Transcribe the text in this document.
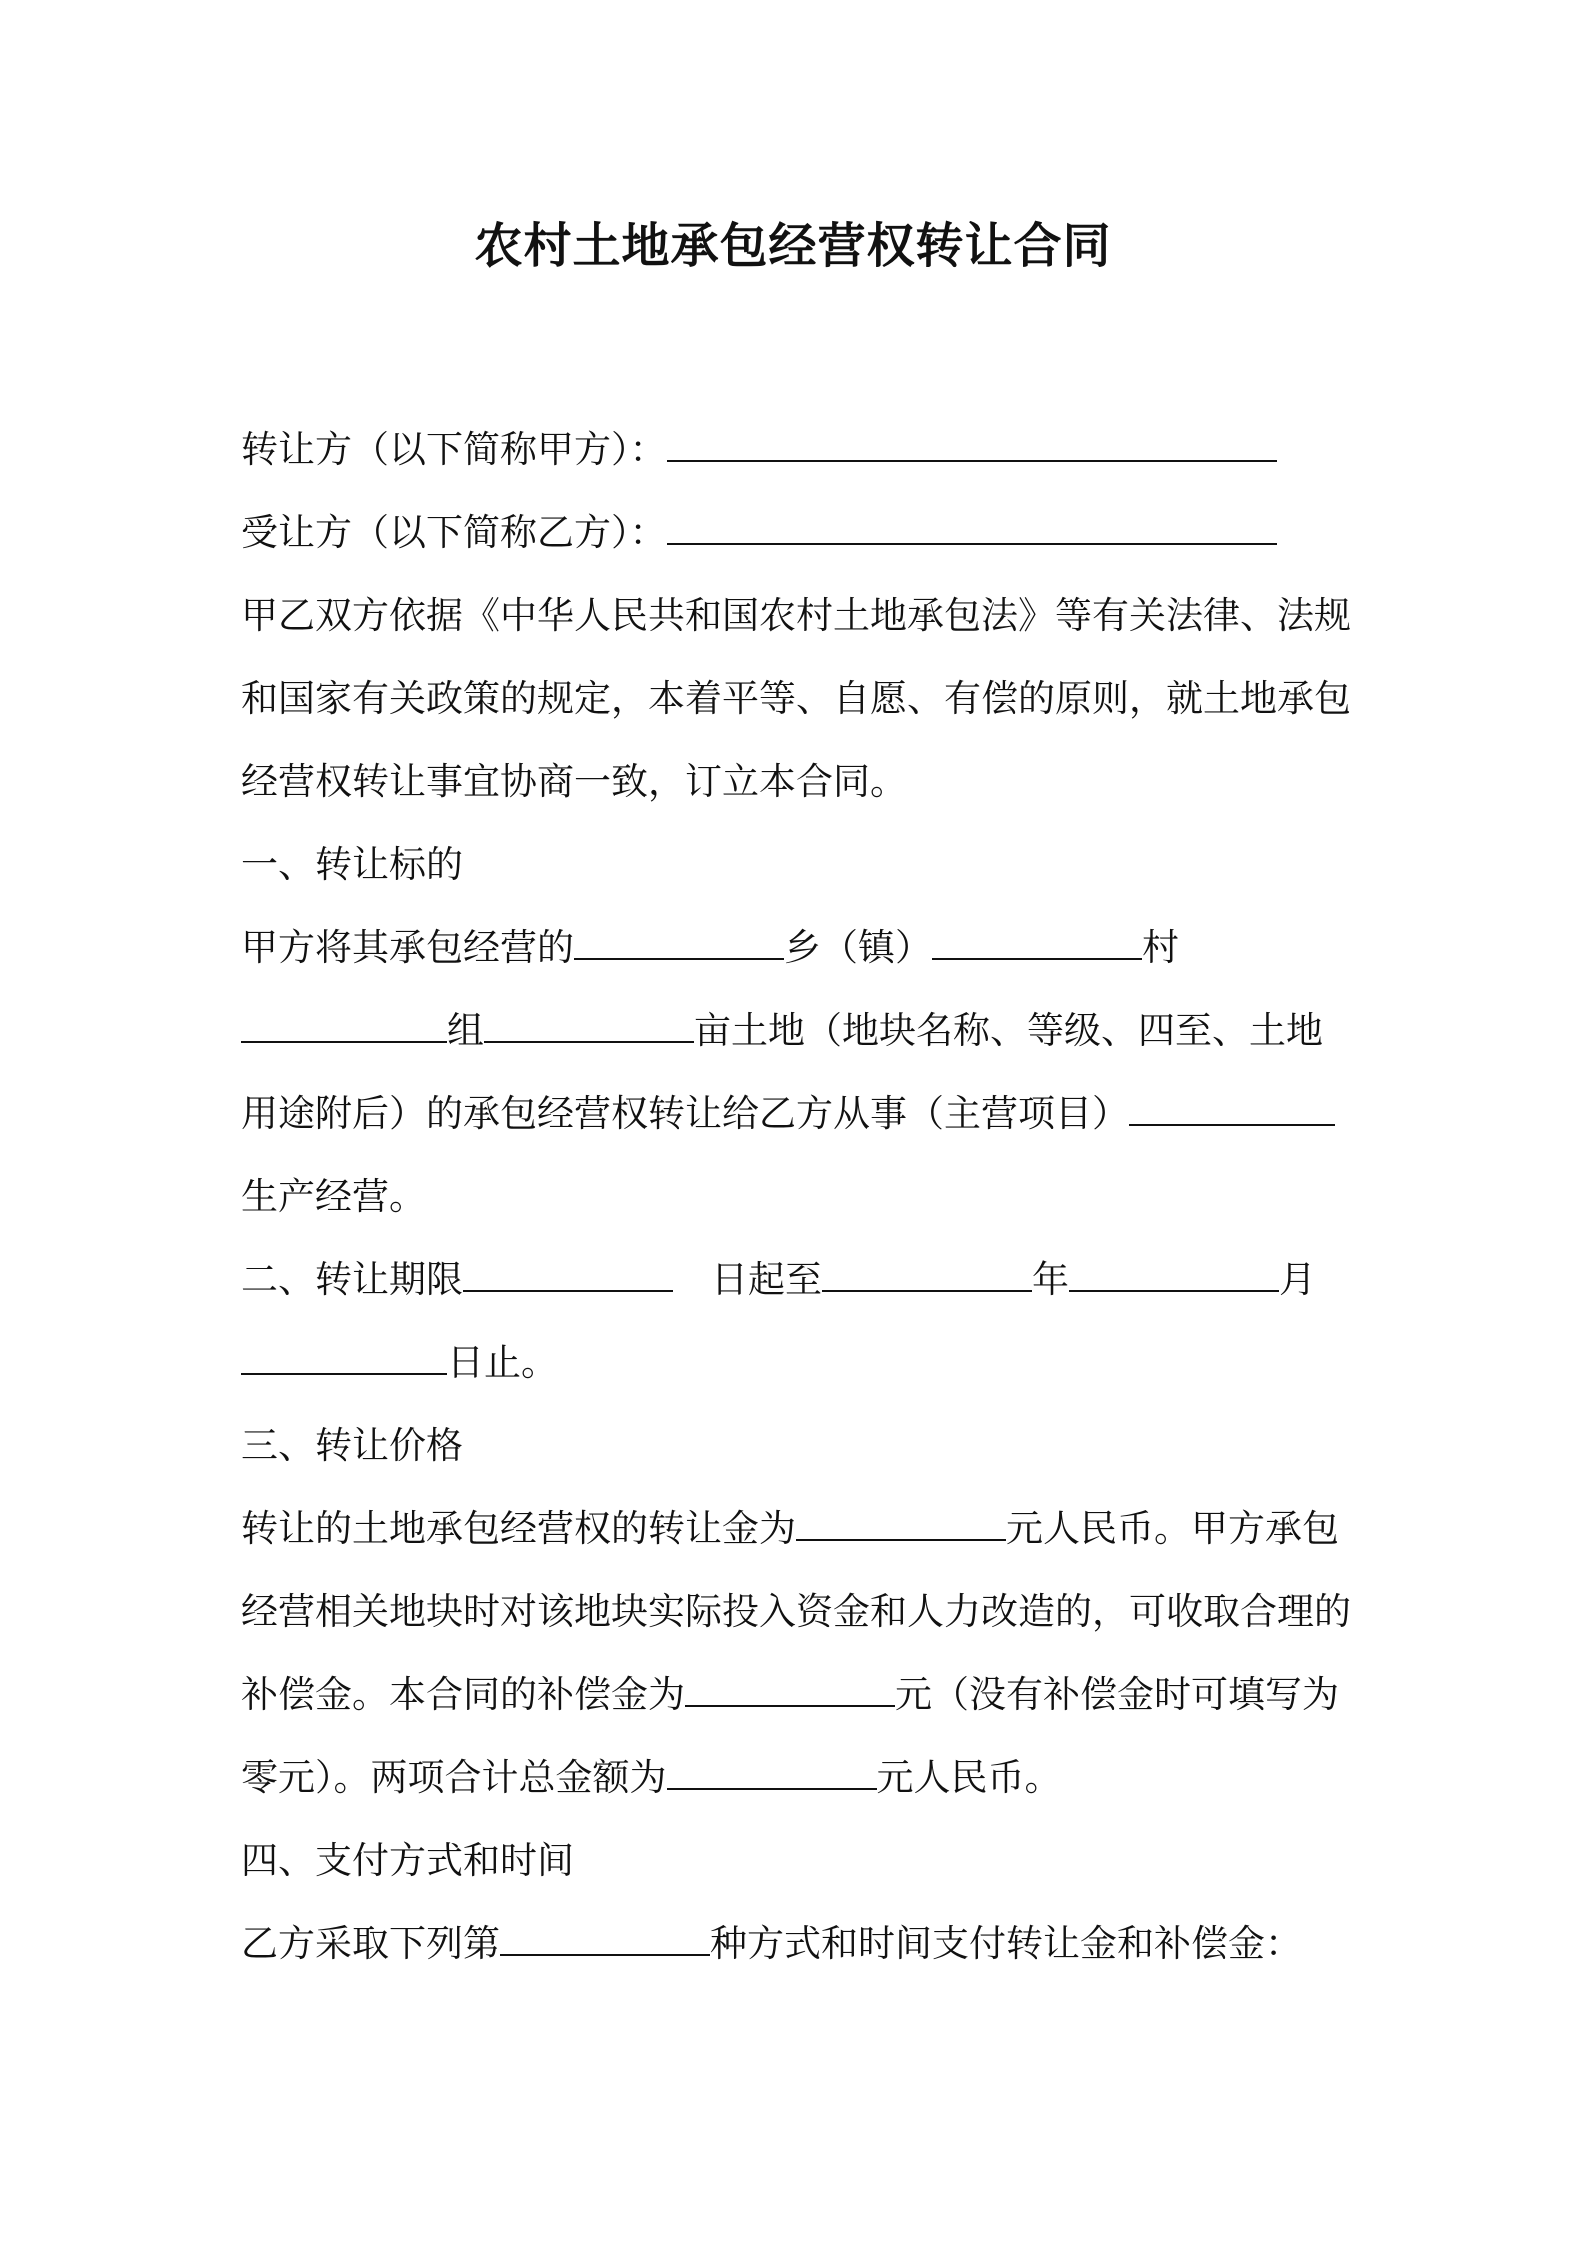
农村土地承包经营权转让合同
转让方（以下简称甲方）：
受让方（以下简称乙方）：
甲乙双方依据《中华人民共和国农村土地承包法》等有关法律、法规
和国家有关政策的规定，本着平等、自愿、有偿的原则，就土地承包
经营权转让事宜协商一致，订立本合同。
一、转让标的
甲方将其承包经营的	乡（镇）	村
组	亩土地（地块名称、等级、四至、土地
用途附后）的承包经营权转让给乙方从事（主营项目）
生产经营。
二、转让期限	日起至	年	月
日止。
三、转让价格
转让的土地承包经营权的转让金为	元人民币。甲方承包
经营相关地块时对该地块实际投入资金和人力改造的，可收取合理的
补偿金。本合同的补偿金为	元（没有补偿金时可填写为
零元）。两项合计总金额为	元人民币。
四、支付方式和时间
乙方采取下列第	种方式和时间支付转让金和补偿金：
